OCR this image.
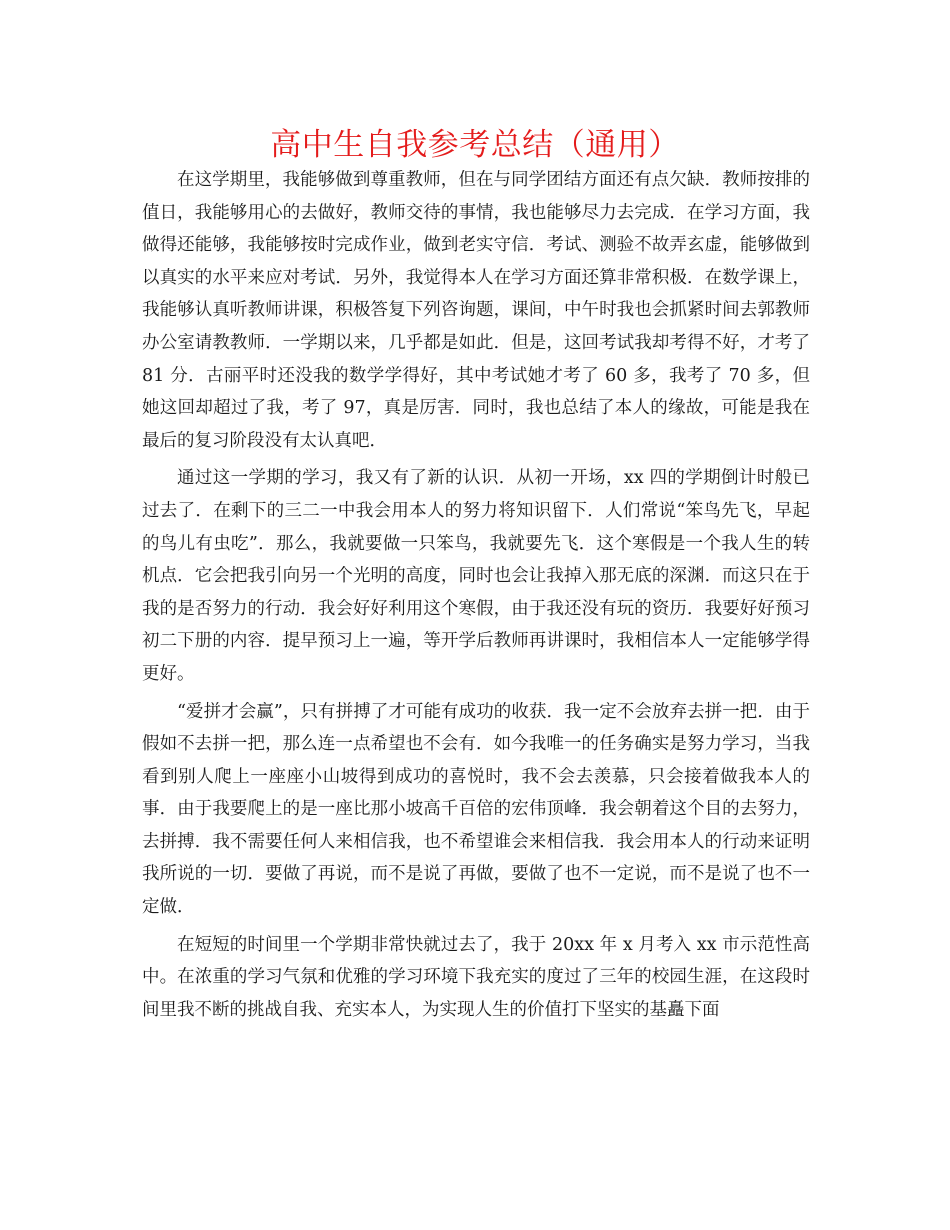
高中生自我参考总结（通用）

在这学期里，我能够做到尊重教师，但在与同学团结方面还有点欠缺．教师按排的值日，我能够用心的去做好，教师交待的事情，我也能够尽力去完成．在学习方面，我做得还能够，我能够按时完成作业，做到老实守信．考试、测验不故弄玄虚，能够做到以真实的水平来应对考试．另外，我觉得本人在学习方面还算非常积极．在数学课上，我能够认真听教师讲课，积极答复下列咨询题，课间，中午时我也会抓紧时间去郭教师办公室请教教师．一学期以来，几乎都是如此．但是，这回考试我却考得不好，才考了 81 分．古丽平时还没我的数学学得好，其中考试她才考了 60 多，我考了 70 多，但她这回却超过了我，考了 97，真是厉害．同时，我也总结了本人的缘故，可能是我在最后的复习阶段没有太认真吧．

通过这一学期的学习，我又有了新的认识．从初一开场，xx 四的学期倒计时般已过去了．在剩下的三二一中我会用本人的努力将知识留下．人们常说“笨鸟先飞，早起的鸟儿有虫吃”．那么，我就要做一只笨鸟，我就要先飞．这个寒假是一个我人生的转机点．它会把我引向另一个光明的高度，同时也会让我掉入那无底的深渊．而这只在于我的是否努力的行动．我会好好利用这个寒假，由于我还没有玩的资历．我要好好预习初二下册的内容．提早预习上一遍，等开学后教师再讲课时，我相信本人一定能够学得更好。

“爱拼才会赢”，只有拼搏了才可能有成功的收获．我一定不会放弃去拼一把．由于假如不去拼一把，那么连一点希望也不会有．如今我唯一的任务确实是努力学习，当我看到别人爬上一座座小山坡得到成功的喜悦时，我不会去羡慕，只会接着做我本人的事．由于我要爬上的是一座比那小坡高千百倍的宏伟顶峰．我会朝着这个目的去努力，去拼搏．我不需要任何人来相信我，也不希望谁会来相信我．我会用本人的行动来证明我所说的一切．要做了再说，而不是说了再做，要做了也不一定说，而不是说了也不一定做．

在短短的时间里一个学期非常快就过去了，我于 20xx 年 x 月考入 xx 市示范性高中。在浓重的学习气氛和优雅的学习环境下我充实的度过了三年的校园生涯，在这段时间里我不断的挑战自我、充实本人，为实现人生的价值打下坚实的基矗下面
